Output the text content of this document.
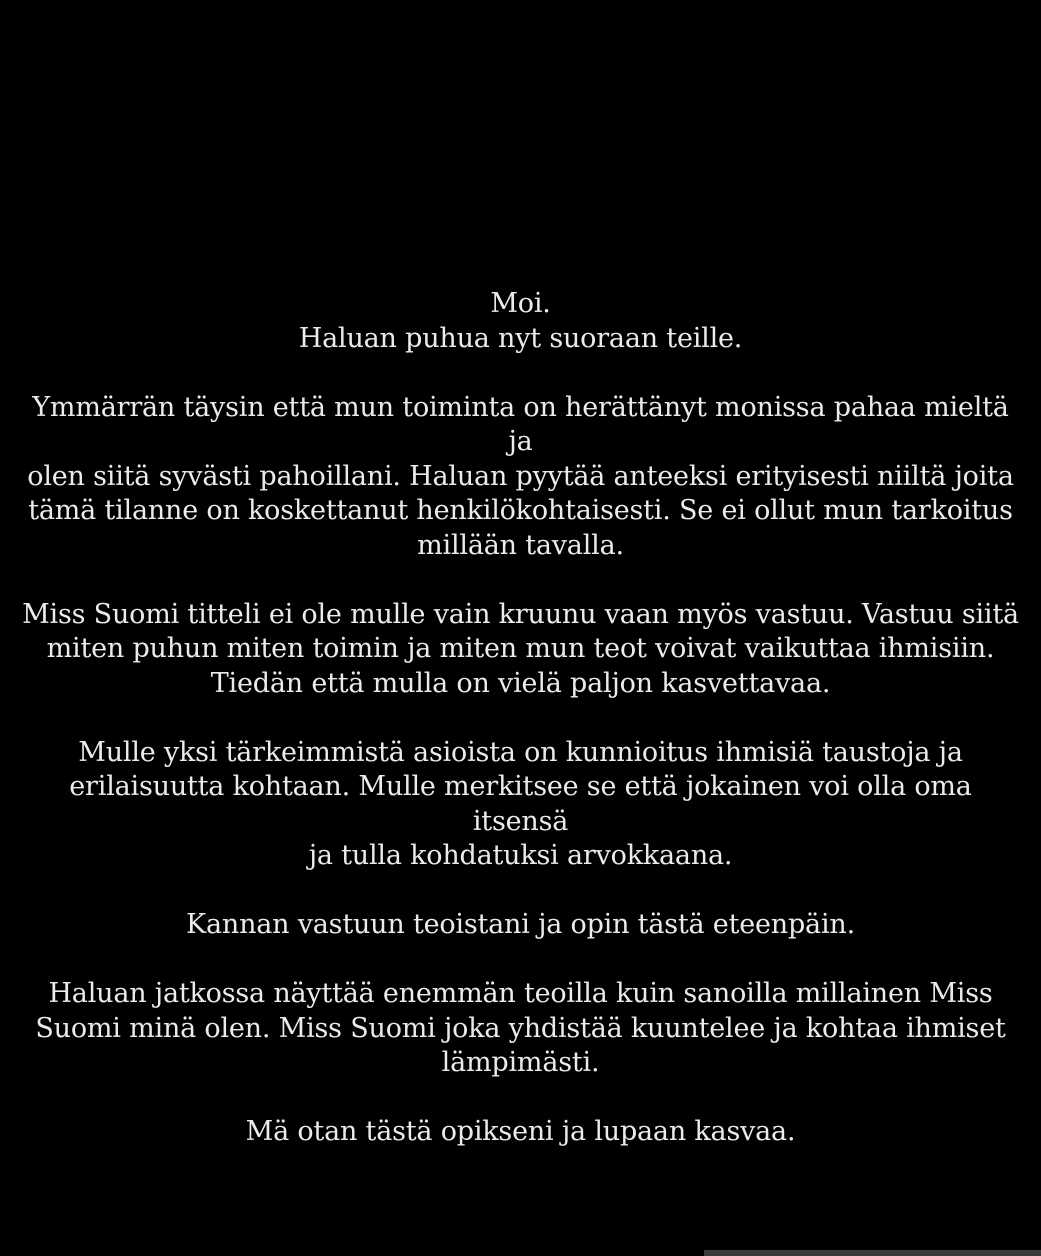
Moi.
Haluan puhua nyt suoraan teille.

Ymmärrän täysin että mun toiminta on herättänyt monissa pahaa mieltä ja
olen siitä syvästi pahoillani. Haluan pyytää anteeksi erityisesti niiltä joita
tämä tilanne on koskettanut henkilökohtaisesti. Se ei ollut mun tarkoitus
millään tavalla.

Miss Suomi titteli ei ole mulle vain kruunu vaan myös vastuu. Vastuu siitä
miten puhun miten toimin ja miten mun teot voivat vaikuttaa ihmisiin.
Tiedän että mulla on vielä paljon kasvettavaa.

Mulle yksi tärkeimmistä asioista on kunnioitus ihmisiä taustoja ja
erilaisuutta kohtaan. Mulle merkitsee se että jokainen voi olla oma itsensä
ja tulla kohdatuksi arvokkaana.

Kannan vastuun teoistani ja opin tästä eteenpäin.

Haluan jatkossa näyttää enemmän teoilla kuin sanoilla millainen Miss
Suomi minä olen. Miss Suomi joka yhdistää kuuntelee ja kohtaa ihmiset
lämpimästi.

Mä otan tästä opikseni ja lupaan kasvaa.
